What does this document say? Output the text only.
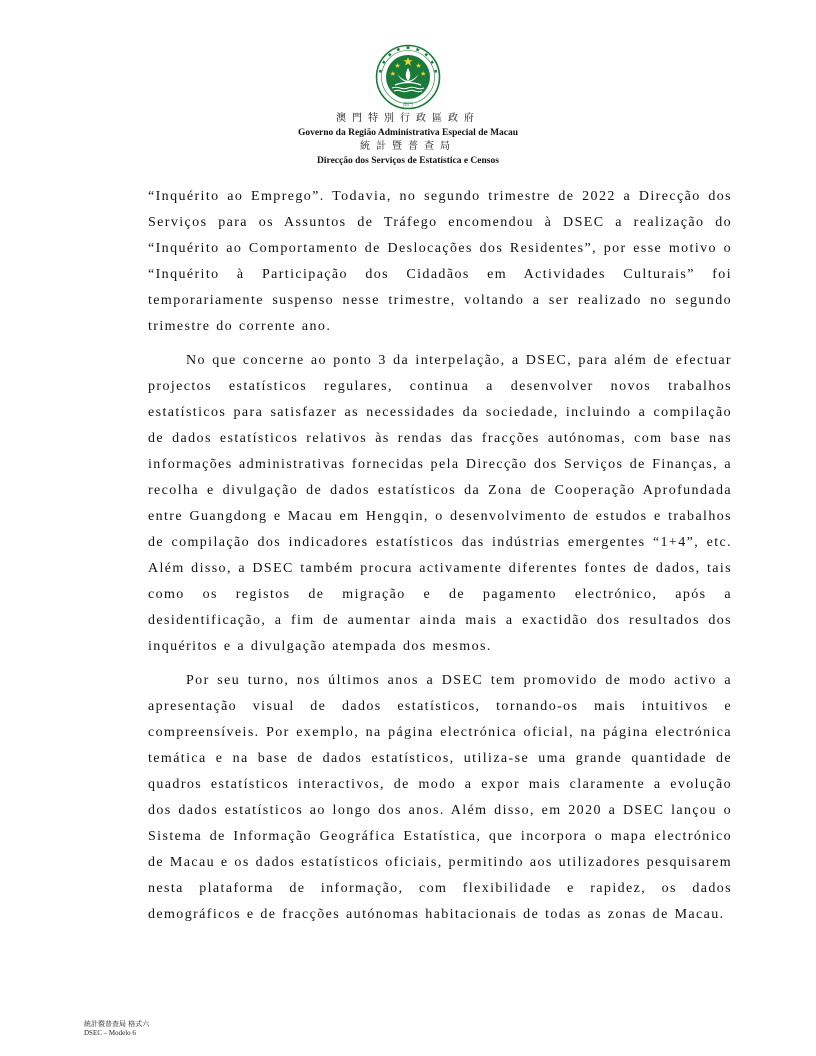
澳門
澳門特別行政區政府
Governo da Região Administrativa Especial de Macau
統計暨普查局
Direcção dos Serviços de Estatística e Censos

“Inquérito ao Emprego”. Todavia, no segundo trimestre de 2022 a Direcção dos Serviços para os Assuntos de Tráfego encomendou à DSEC a realização do “Inquérito ao Comportamento de Deslocações dos Residentes”, por esse motivo o “Inquérito à Participação dos Cidadãos em Actividades Culturais” foi temporariamente suspenso nesse trimestre, voltando a ser realizado no segundo trimestre do corrente ano.

No que concerne ao ponto 3 da interpelação, a DSEC, para além de efectuar projectos estatísticos regulares, continua a desenvolver novos trabalhos estatísticos para satisfazer as necessidades da sociedade, incluindo a compilação de dados estatísticos relativos às rendas das fracções autónomas, com base nas informações administrativas fornecidas pela Direcção dos Serviços de Finanças, a recolha e divulgação de dados estatísticos da Zona de Cooperação Aprofundada entre Guangdong e Macau em Hengqin, o desenvolvimento de estudos e trabalhos de compilação dos indicadores estatísticos das indústrias emergentes “1+4”, etc. Além disso, a DSEC também procura activamente diferentes fontes de dados, tais como os registos de migração e de pagamento electrónico, após a desidentificação, a fim de aumentar ainda mais a exactidão dos resultados dos inquéritos e a divulgação atempada dos mesmos.

Por seu turno, nos últimos anos a DSEC tem promovido de modo activo a apresentação visual de dados estatísticos, tornando-os mais intuitivos e compreensíveis. Por exemplo, na página electrónica oficial, na página electrónica temática e na base de dados estatísticos, utiliza-se uma grande quantidade de quadros estatísticos interactivos, de modo a expor mais claramente a evolução dos dados estatísticos ao longo dos anos. Além disso, em 2020 a DSEC lançou o Sistema de Informação Geográfica Estatística, que incorpora o mapa electrónico de Macau e os dados estatísticos oficiais, permitindo aos utilizadores pesquisarem nesta plataforma de informação, com flexibilidade e rapidez, os dados demográficos e de fracções autónomas habitacionais de todas as zonas de Macau.

統計暨普查局 格式六
DSEC – Modelo 6
